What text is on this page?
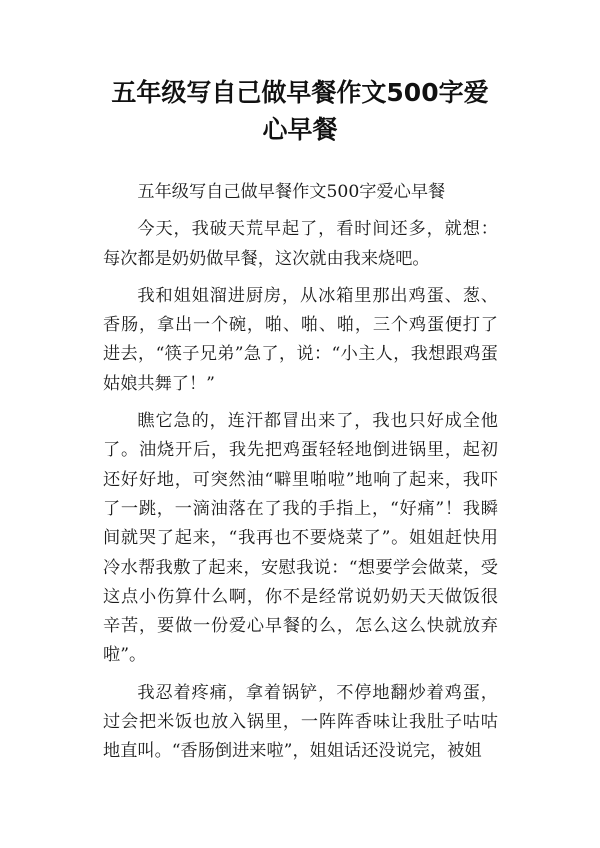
五年级写自己做早餐作文500字爱心早餐

五年级写自己做早餐作文500字爱心早餐

今天，我破天荒早起了，看时间还多，就想：每次都是奶奶做早餐，这次就由我来烧吧。

我和姐姐溜进厨房，从冰箱里那出鸡蛋、葱、香肠，拿出一个碗，啪、啪、啪，三个鸡蛋便打了进去，“筷子兄弟”急了，说：“小主人，我想跟鸡蛋姑娘共舞了！”

瞧它急的，连汗都冒出来了，我也只好成全他了。油烧开后，我先把鸡蛋轻轻地倒进锅里，起初还好好地，可突然油“噼里啪啦”地响了起来，我吓了一跳，一滴油落在了我的手指上，“好痛”！我瞬间就哭了起来，“我再也不要烧菜了”。姐姐赶快用冷水帮我敷了起来，安慰我说：“想要学会做菜，受这点小伤算什么啊，你不是经常说奶奶天天做饭很辛苦，要做一份爱心早餐的么，怎么这么快就放弃啦”。

我忍着疼痛，拿着锅铲，不停地翻炒着鸡蛋，过会把米饭也放入锅里，一阵阵香味让我肚子咕咕地直叫。“香肠倒进来啦”，姐姐话还没说完，被姐
